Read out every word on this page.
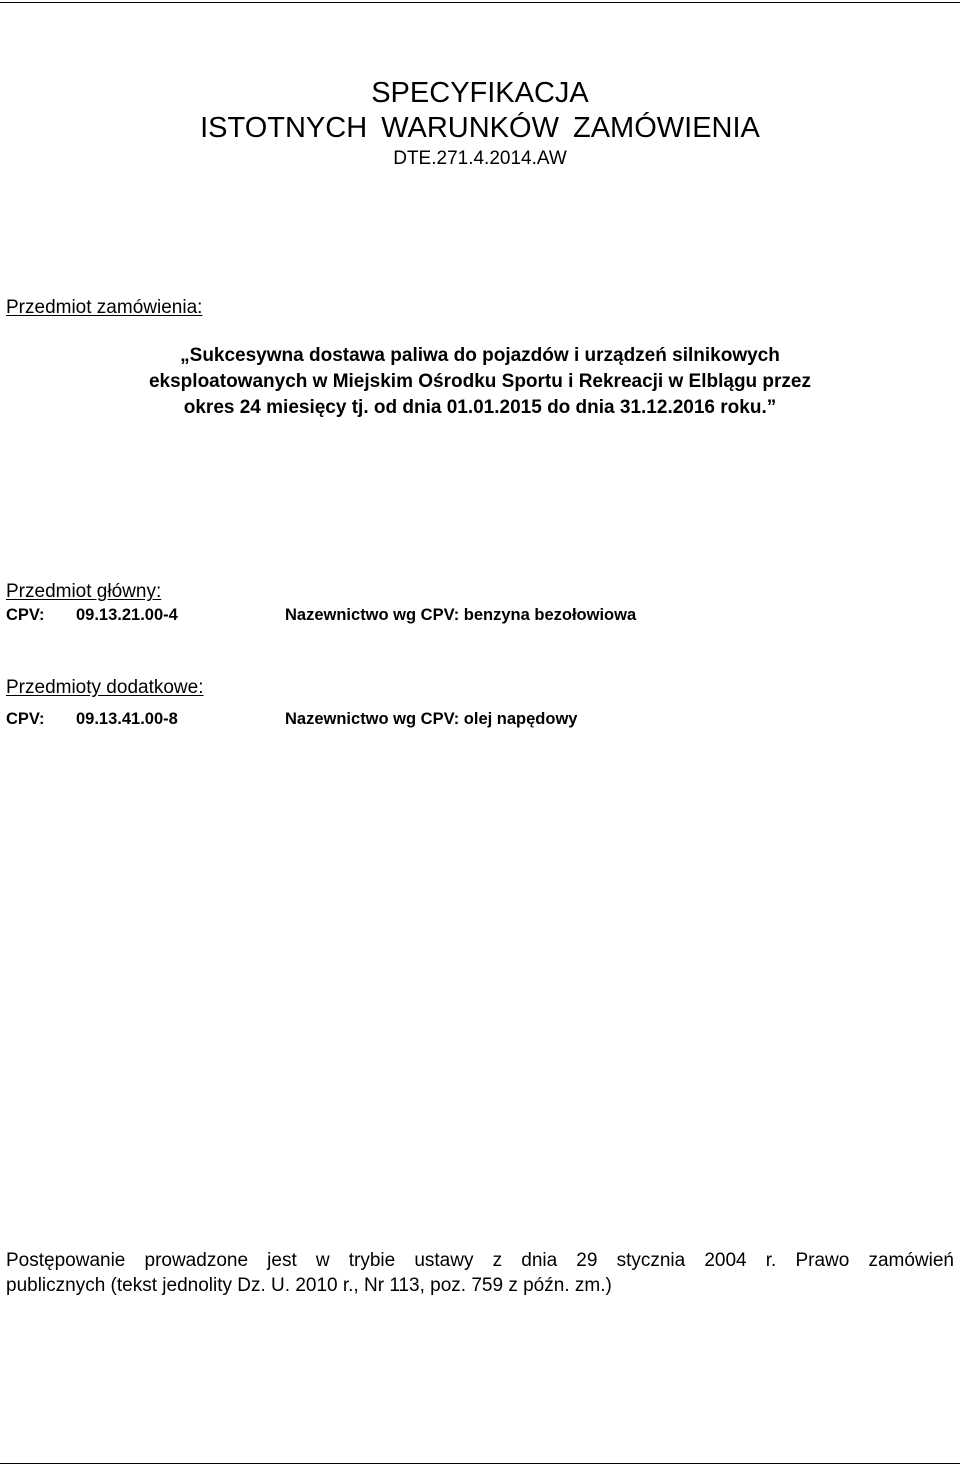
SPECYFIKACJA
ISTOTNYCH WARUNKÓW ZAMÓWIENIA
DTE.271.4.2014.AW
Przedmiot zamówienia:
„Sukcesywna dostawa paliwa do pojazdów i urządzeń silnikowych
eksploatowanych w Miejskim Ośrodku Sportu i Rekreacji w Elblągu przez
okres 24 miesięcy tj. od dnia 01.01.2015 do dnia 31.12.2016 roku.”
Przedmiot główny:
CPV: 09.13.21.00-4	Nazewnictwo wg CPV: benzyna bezołowiowa
Przedmioty dodatkowe:
CPV: 09.13.41.00-8	Nazewnictwo wg CPV: olej napędowy
Postępowanie prowadzone jest w trybie ustawy z dnia 29 stycznia 2004 r. Prawo zamówień
publicznych (tekst jednolity Dz. U. 2010 r., Nr 113, poz. 759 z późn. zm.)
